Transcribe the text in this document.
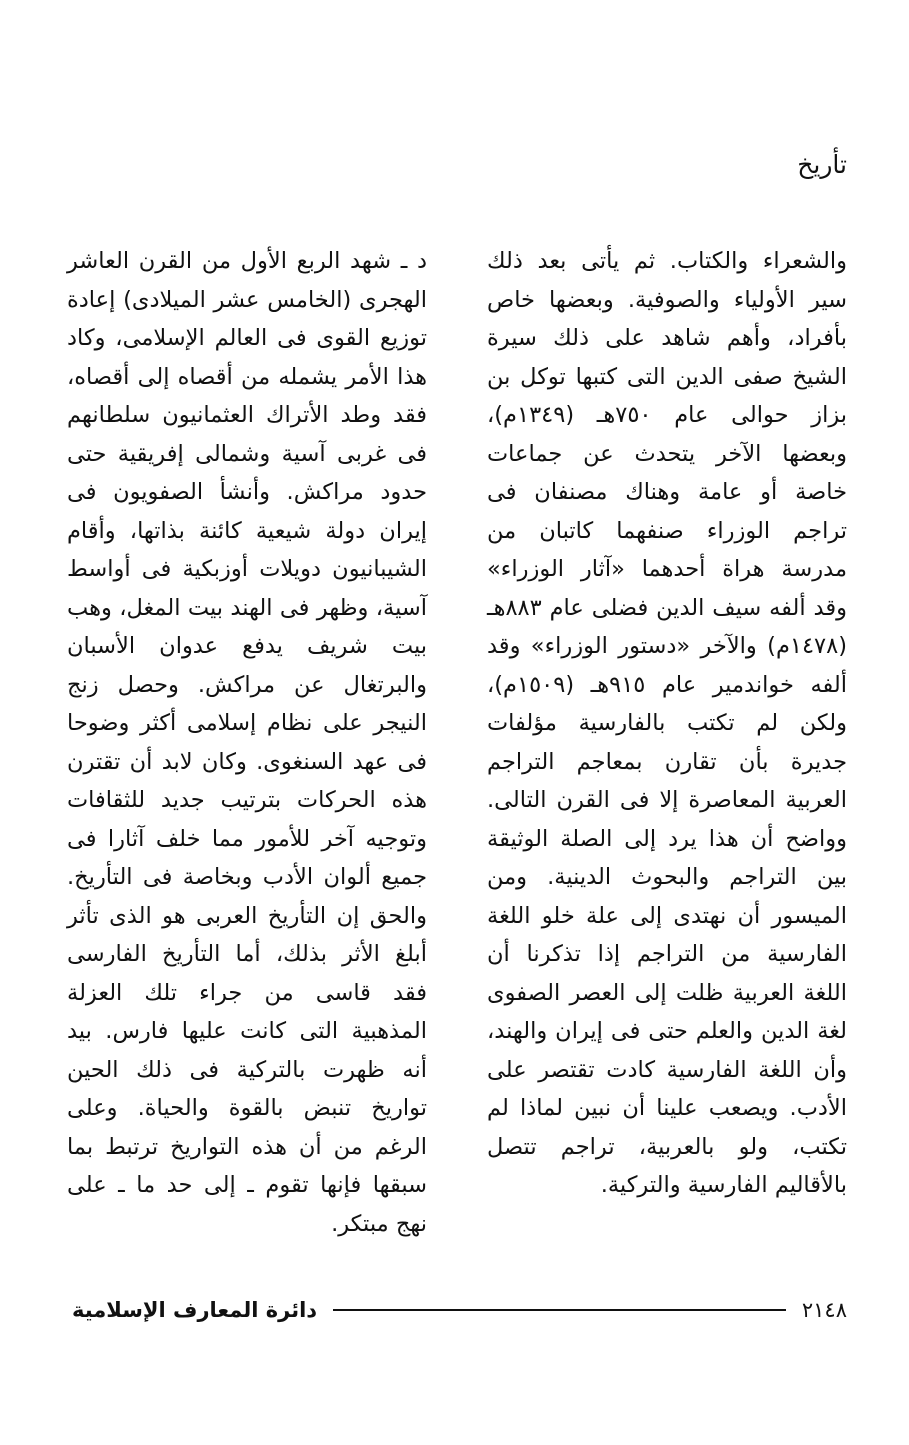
تأريخ

والشعراء والكتاب. ثم يأتى بعد ذلك سير الأولياء والصوفية. وبعضها خاص بأفراد، وأهم شاهد على ذلك سيرة الشيخ صفى الدين التى كتبها توكل بن بزاز حوالى عام ٧٥٠هـ (١٣٤٩م)، وبعضها الآخر يتحدث عن جماعات خاصة أو عامة وهناك مصنفان فى تراجم الوزراء صنفهما كاتبان من مدرسة هراة أحدهما «آثار الوزراء» وقد ألفه سيف الدين فضلى عام ٨٨٣هـ (١٤٧٨م) والآخر «دستور الوزراء» وقد ألفه خواندمير عام ٩١٥هـ (١٥٠٩م)، ولكن لم تكتب بالفارسية مؤلفات جديرة بأن تقارن بمعاجم التراجم العربية المعاصرة إلا فى القرن التالى. وواضح أن هذا يرد إلى الصلة الوثيقة بين التراجم والبحوث الدينية. ومن الميسور أن نهتدى إلى علة خلو اللغة الفارسية من التراجم إذا تذكرنا أن اللغة العربية ظلت إلى العصر الصفوى لغة الدين والعلم حتى فى إيران والهند، وأن اللغة الفارسية كادت تقتصر على الأدب. ويصعب علينا أن نبين لماذا لم تكتب، ولو بالعربية، تراجم تتصل بالأقاليم الفارسية والتركية.

د ـ شهد الربع الأول من القرن العاشر الهجرى (الخامس عشر الميلادى) إعادة توزيع القوى فى العالم الإسلامى، وكاد هذا الأمر يشمله من أقصاه إلى أقصاه، فقد وطد الأتراك العثمانيون سلطانهم فى غربى آسية وشمالى إفريقية حتى حدود مراكش. وأنشأ الصفويون فى إيران دولة شيعية كائنة بذاتها، وأقام الشيبانيون دويلات أوزبكية فى أواسط آسية، وظهر فى الهند بيت المغل، وهب بيت شريف يدفع عدوان الأسبان والبرتغال عن مراكش. وحصل زنج النيجر على نظام إسلامى أكثر وضوحا فى عهد السنغوى. وكان لابد أن تقترن هذه الحركات بترتيب جديد للثقافات وتوجيه آخر للأمور مما خلف آثارا فى جميع ألوان الأدب وبخاصة فى التأريخ. والحق إن التأريخ العربى هو الذى تأثر أبلغ الأثر بذلك، أما التأريخ الفارسى فقد قاسى من جراء تلك العزلة المذهبية التى كانت عليها فارس. بيد أنه ظهرت بالتركية فى ذلك الحين تواريخ تنبض بالقوة والحياة. وعلى الرغم من أن هذه التواريخ ترتبط بما سبقها فإنها تقوم ـ إلى حد ما ـ على نهج مبتكر.

٢١٤٨
دائرة المعارف الإسلامية
